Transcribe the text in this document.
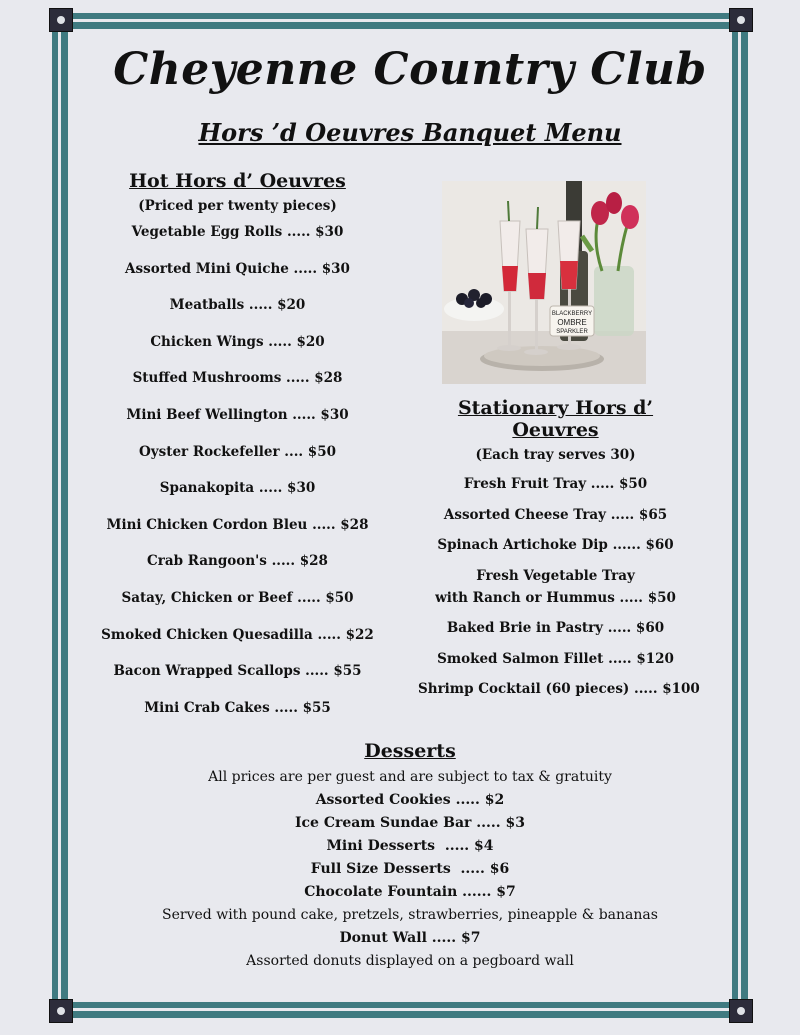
Cheyenne Country Club
Hors ’d Oeuvres Banquet Menu
Hot Hors d’ Oeuvres
(Priced per twenty pieces)
Vegetable Egg Rolls ..... $30
Assorted Mini Quiche ..... $30
Meatballs ..... $20
Chicken Wings ..... $20
Stuffed Mushrooms ..... $28
Mini Beef Wellington ..... $30
Oyster Rockefeller .... $50
Spanakopita ..... $30
Mini Chicken Cordon Bleu ..... $28
Crab Rangoon's ..... $28
Satay, Chicken or Beef ..... $50
Smoked Chicken Quesadilla ..... $22
Bacon Wrapped Scallops ..... $55
Mini Crab Cakes ..... $55
BLACKBERRY
OMBRE
SPARKLER
Stationary Hors d’ Oeuvres
(Each tray serves 30)
Fresh Fruit Tray ..... $50
Assorted Cheese Tray ..... $65
Spinach Artichoke Dip ...... $60
Fresh Vegetable Tray
with Ranch or Hummus ..... $50
Baked Brie in Pastry ..... $60
Smoked Salmon Fillet ..... $120
Shrimp Cocktail (60 pieces) ..... $100
Desserts
All prices are per guest and are subject to tax & gratuity
Assorted Cookies ..... $2
Ice Cream Sundae Bar ..... $3
Mini Desserts  ..... $4
Full Size Desserts  ..... $6
Chocolate Fountain ...... $7
Served with pound cake, pretzels, strawberries, pineapple & bananas
Donut Wall ..... $7
Assorted donuts displayed on a pegboard wall
